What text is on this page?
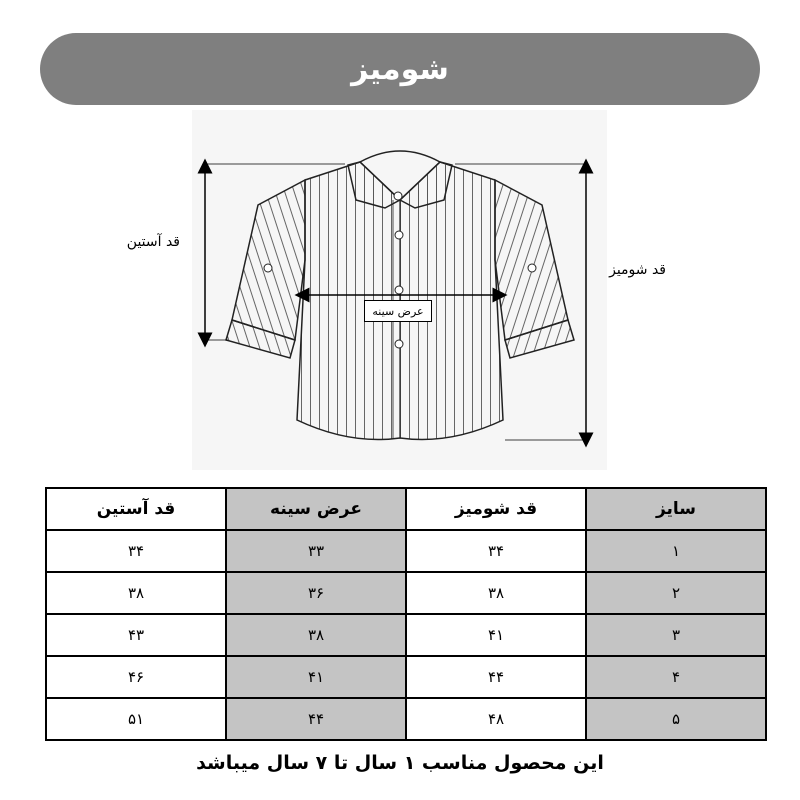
شومیز
قد آستین
قد شومیز
عرض سینه
سایز	قد شومیز	عرض سینه	قد آستین
۱	۳۴	۳۳	۳۴
۲	۳۸	۳۶	۳۸
۳	۴۱	۳۸	۴۳
۴	۴۴	۴۱	۴۶
۵	۴۸	۴۴	۵۱
این محصول مناسب ۱ سال تا ۷ سال میباشد
